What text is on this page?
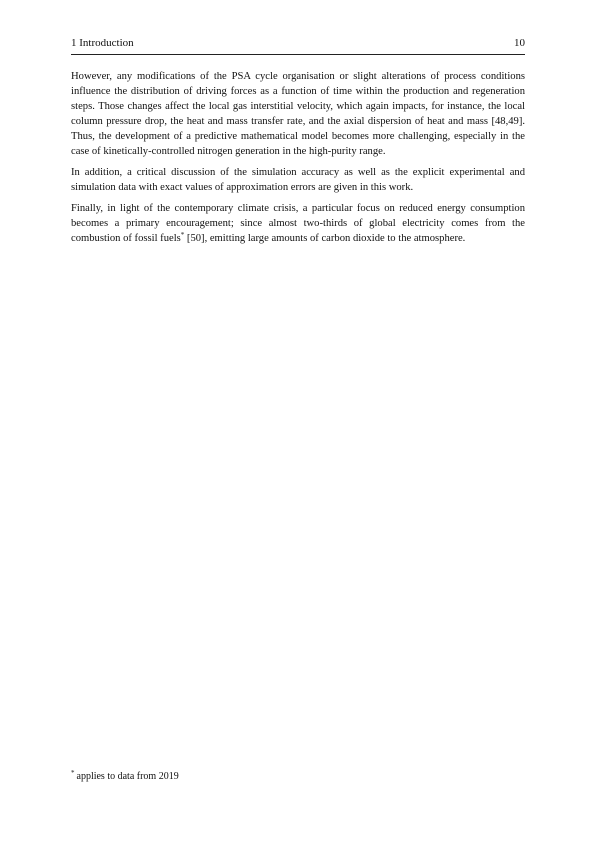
1 Introduction	10

However, any modifications of the PSA cycle organisation or slight alterations of process conditions influence the distribution of driving forces as a function of time within the production and regeneration steps. Those changes affect the local gas interstitial velocity, which again impacts, for instance, the local column pressure drop, the heat and mass transfer rate, and the axial dispersion of heat and mass [48,49]. Thus, the development of a predictive mathematical model becomes more challenging, especially in the case of kinetically-controlled nitrogen generation in the high-purity range.

In addition, a critical discussion of the simulation accuracy as well as the explicit experimental and simulation data with exact values of approximation errors are given in this work.

Finally, in light of the contemporary climate crisis, a particular focus on reduced energy consumption becomes a primary encouragement; since almost two-thirds of global electricity comes from the combustion of fossil fuels* [50], emitting large amounts of carbon dioxide to the atmosphere.

* applies to data from 2019
